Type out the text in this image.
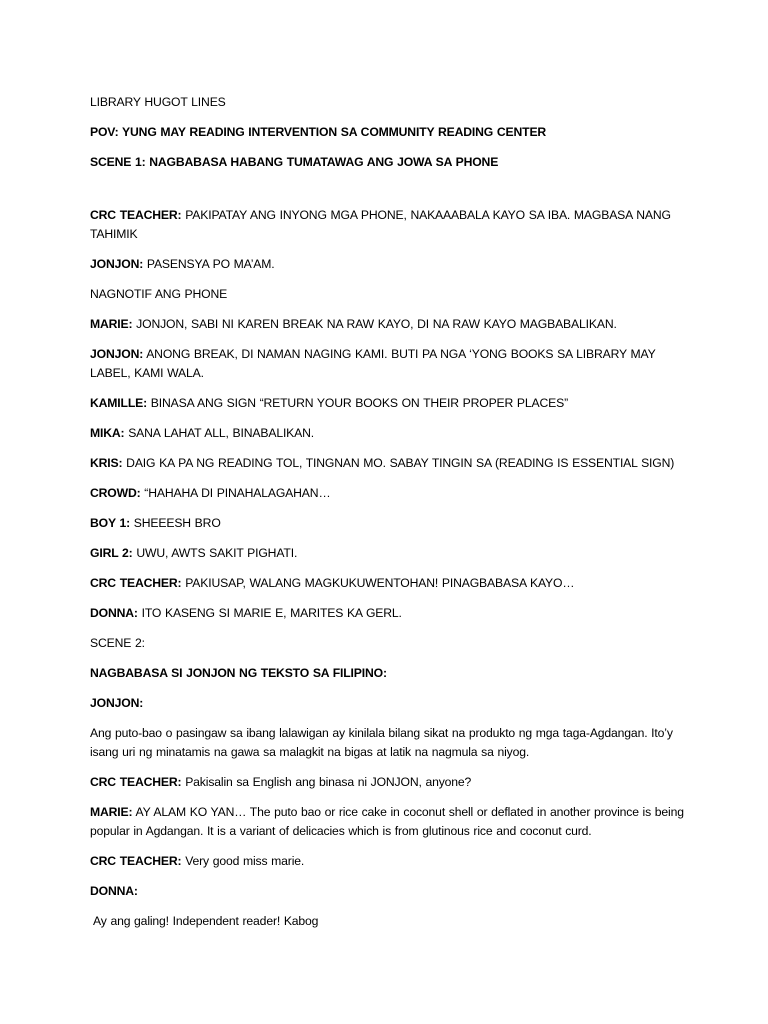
LIBRARY HUGOT LINES

POV: YUNG MAY READING INTERVENTION SA COMMUNITY READING CENTER

SCENE 1: NAGBABASA HABANG TUMATAWAG ANG JOWA SA PHONE

CRC TEACHER: PAKIPATAY ANG INYONG MGA PHONE, NAKAAABALA KAYO SA IBA. MAGBASA NANG TAHIMIK

JONJON: PASENSYA PO MA’AM.

NAGNOTIF ANG PHONE

MARIE: JONJON, SABI NI KAREN BREAK NA RAW KAYO, DI NA RAW KAYO MAGBABALIKAN.

JONJON: ANONG BREAK, DI NAMAN NAGING KAMI. BUTI PA NGA ‘YONG BOOKS SA LIBRARY MAY LABEL, KAMI WALA.

KAMILLE: BINASA ANG SIGN “RETURN YOUR BOOKS ON THEIR PROPER PLACES”

MIKA: SANA LAHAT ALL, BINABALIKAN.

KRIS: DAIG KA PA NG READING TOL, TINGNAN MO. SABAY TINGIN SA (READING IS ESSENTIAL SIGN)

CROWD: “HAHAHA DI PINAHALAGAHAN…

BOY 1: SHEEESH BRO

GIRL 2: UWU, AWTS SAKIT PIGHATI.

CRC TEACHER: PAKIUSAP, WALANG MAGKUKUWENTOHAN! PINAGBABASA KAYO…

DONNA: ITO KASENG SI MARIE E, MARITES KA GERL.

SCENE 2:

NAGBABASA SI JONJON NG TEKSTO SA FILIPINO:

JONJON:

Ang puto-bao o pasingaw sa ibang lalawigan ay kinilala bilang sikat na produkto ng mga taga-Agdangan. Ito’y isang uri ng minatamis na gawa sa malagkit na bigas at latik na nagmula sa niyog.

CRC TEACHER: Pakisalin sa English ang binasa ni JONJON, anyone?

MARIE: AY ALAM KO YAN… The puto bao or rice cake in coconut shell or deflated in another province is being popular in Agdangan. It is a variant of delicacies which is from glutinous rice and coconut curd.

CRC TEACHER: Very good miss marie.

DONNA:

Ay ang galing! Independent reader! Kabog
